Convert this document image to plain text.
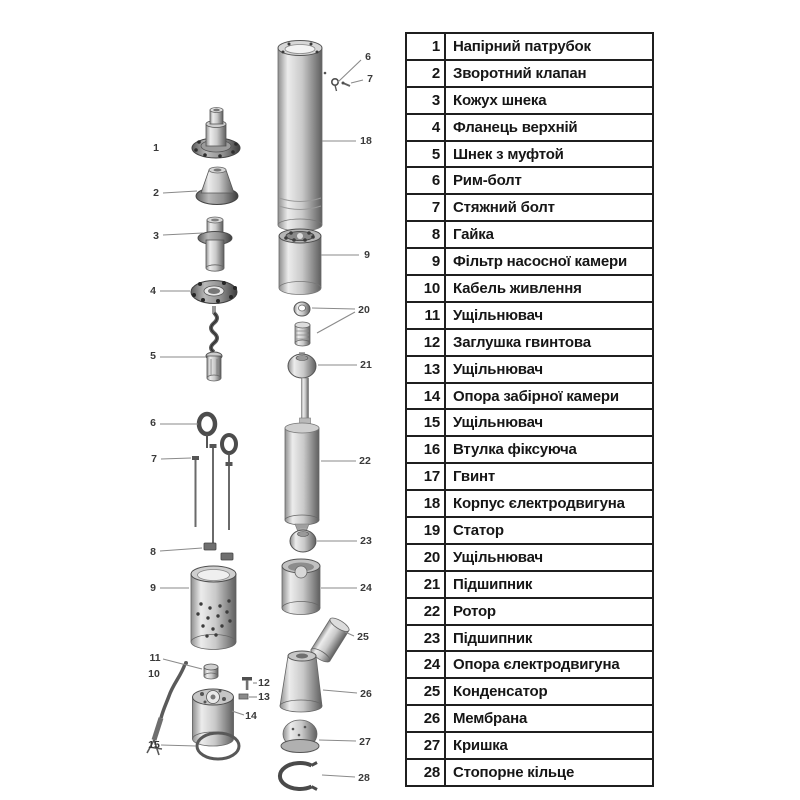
1
2
3
4
5
6
7
8
9
11
10
12
13
14
15
6
7
18
9
20
21
22
23
24
25
26
27
28
1	Напірний патрубок
2	Зворотний клапан
3	Кожух шнека
4	Фланець верхній
5	Шнек з муфтой
6	Рим-болт
7	Стяжний болт
8	Гайка
9	Фільтр насосної камери
10	Кабель живлення
11	Ущільнювач
12	Заглушка гвинтова
13	Ущільнювач
14	Опора забірної камери
15	Ущільнювач
16	Втулка фіксуюча
17	Гвинт
18	Корпус єлектродвигуна
19	Статор
20	Ущільнювач
21	Підшипник
22	Ротор
23	Підшипник
24	Опора єлектродвигуна
25	Конденсатор
26	Мембрана
27	Кришка
28	Стопорне кільце
